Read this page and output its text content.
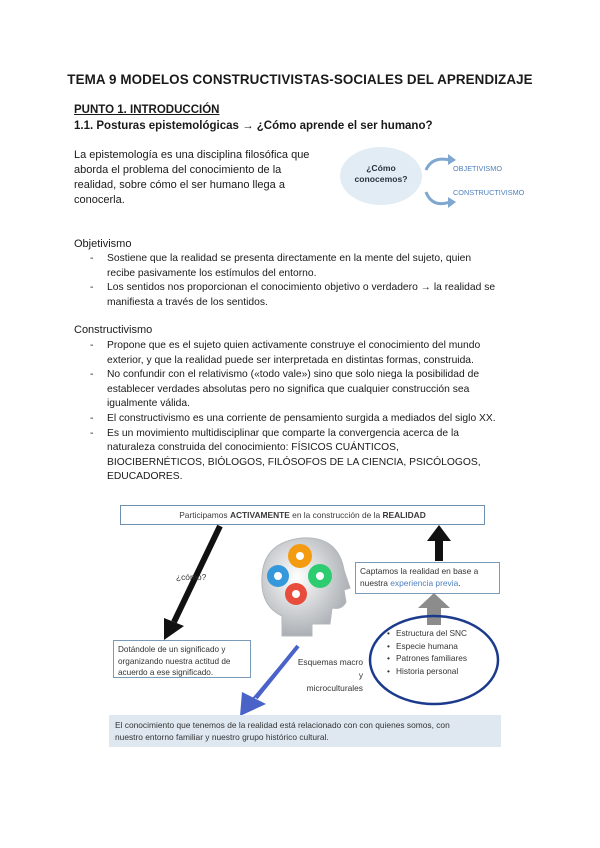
TEMA 9 MODELOS CONSTRUCTIVISTAS-SOCIALES DEL APRENDIZAJE
PUNTO 1. INTRODUCCIÓN
1.1. Posturas epistemológicas → ¿Cómo aprende el ser humano?
La epistemología es una disciplina filosófica que
aborda el problema del conocimiento de la
realidad, sobre cómo el ser humano llega a
conocerla.
¿Cómo
conocemos?
OBJETIVISMO
CONSTRUCTIVISMO
Objetivismo
- Sostiene que la realidad se presenta directamente en la mente del sujeto, quien
recibe pasivamente los estímulos del entorno.
- Los sentidos nos proporcionan el conocimiento objetivo o verdadero → la realidad se
manifiesta a través de los sentidos.
Constructivismo
- Propone que es el sujeto quien activamente construye el conocimiento del mundo
exterior, y que la realidad puede ser interpretada en distintas formas, construida.
- No confundir con el relativismo («todo vale») sino que solo niega la posibilidad de
establecer verdades absolutas pero no significa que cualquier construcción sea
igualmente válida.
- El constructivismo es una corriente de pensamiento surgida a mediados del siglo XX.
- Es un movimiento multidisciplinar que comparte la convergencia acerca de la
naturaleza construida del conocimiento: FÍSICOS CUÁNTICOS,
BIOCIBERNÉTICOS, BIÓLOGOS, FILÓSOFOS DE LA CIENCIA, PSICÓLOGOS,
EDUCADORES.
Participamos ACTIVAMENTE en la construcción de la REALIDAD
¿cómo?
Captamos la realidad en base a
nuestra experiencia previa.
Dotándole de un significado y
organizando nuestra actitud de
acuerdo a ese significado.
Esquemas macro y
microculturales
• Estructura del SNC
• Especie humana
• Patrones familiares
• Historia personal
El conocimiento que tenemos de la realidad está relacionado con con quienes somos, con
nuestro entorno familiar y nuestro grupo histórico cultural.
